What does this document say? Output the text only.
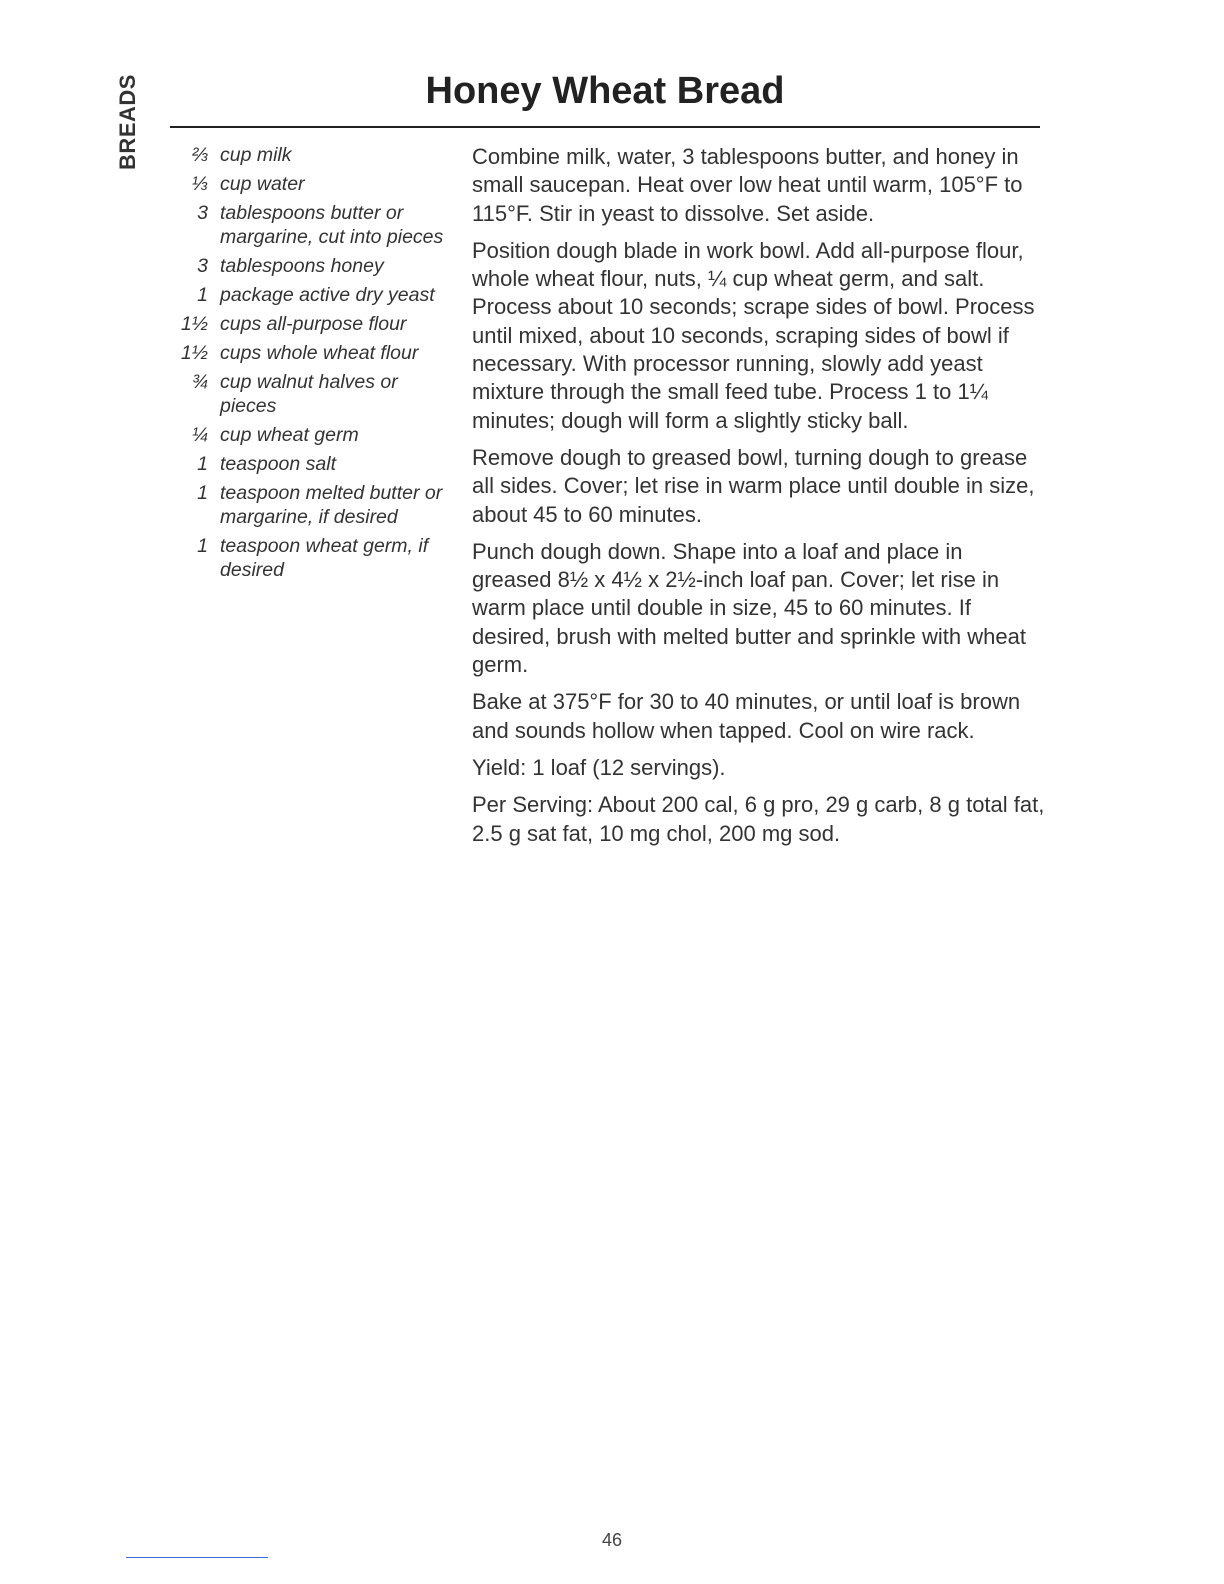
BREADS	Honey Wheat Bread
⅔ cup milk
⅓ cup water
3 tablespoons butter or margarine, cut into pieces
3 tablespoons honey
1 package active dry yeast
1½ cups all-purpose flour
1½ cups whole wheat flour
¾ cup walnut halves or pieces
¼ cup wheat germ
1 teaspoon salt
1 teaspoon melted butter or margarine, if desired
1 teaspoon wheat germ, if desired

Combine milk, water, 3 tablespoons butter, and honey in small saucepan. Heat over low heat until warm, 105°F to 115°F. Stir in yeast to dissolve. Set aside.

Position dough blade in work bowl. Add all-purpose flour, whole wheat flour, nuts, ¼ cup wheat germ, and salt. Process about 10 seconds; scrape sides of bowl. Process until mixed, about 10 seconds, scraping sides of bowl if necessary. With processor running, slowly add yeast mixture through the small feed tube. Process 1 to 1¼ minutes; dough will form a slightly sticky ball.

Remove dough to greased bowl, turning dough to grease all sides. Cover; let rise in warm place until double in size, about 45 to 60 minutes.

Punch dough down. Shape into a loaf and place in greased 8½ x 4½ x 2½-inch loaf pan. Cover; let rise in warm place until double in size, 45 to 60 minutes. If desired, brush with melted butter and sprinkle with wheat germ.

Bake at 375°F for 30 to 40 minutes, or until loaf is brown and sounds hollow when tapped. Cool on wire rack.

Yield: 1 loaf (12 servings).

Per Serving: About 200 cal, 6 g pro, 29 g carb, 8 g total fat, 2.5 g sat fat, 10 mg chol, 200 mg sod.

46
